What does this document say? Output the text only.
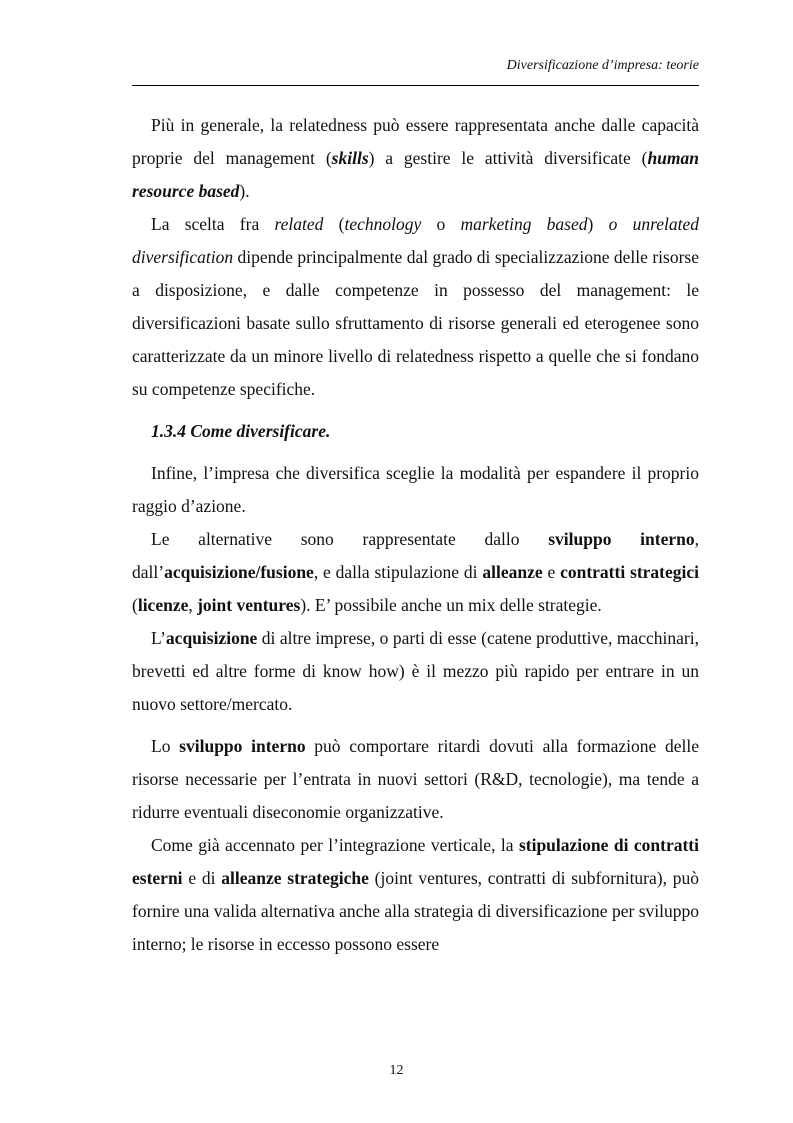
Diversificazione d’impresa: teorie

Più in generale, la relatedness può essere rappresentata anche dalle capacità proprie del management (skills) a gestire le attività diversificate (human resource based).

La scelta fra related (technology o marketing based) o unrelated diversification dipende principalmente dal grado di specializzazione delle risorse a disposizione, e dalle competenze in possesso del management: le diversificazioni basate sullo sfruttamento di risorse generali ed eterogenee sono caratterizzate da un minore livello di relatedness rispetto a quelle che si fondano su competenze specifiche.

1.3.4 Come diversificare.

Infine, l’impresa che diversifica sceglie la modalità per espandere il proprio raggio d’azione.

Le alternative sono rappresentate dallo sviluppo interno, dall’acquisizione/fusione, e dalla stipulazione di alleanze e contratti strategici (licenze, joint ventures). E’ possibile anche un mix delle strategie.

L’acquisizione di altre imprese, o parti di esse (catene produttive, macchinari, brevetti ed altre forme di know how) è il mezzo più rapido per entrare in un nuovo settore/mercato.

Lo sviluppo interno può comportare ritardi dovuti alla formazione delle risorse necessarie per l’entrata in nuovi settori (R&D, tecnologie), ma tende a ridurre eventuali diseconomie organizzative.

Come già accennato per l’integrazione verticale, la stipulazione di contratti esterni e di alleanze strategiche (joint ventures, contratti di subfornitura), può fornire una valida alternativa anche alla strategia di diversificazione per sviluppo interno; le risorse in eccesso possono essere

12
